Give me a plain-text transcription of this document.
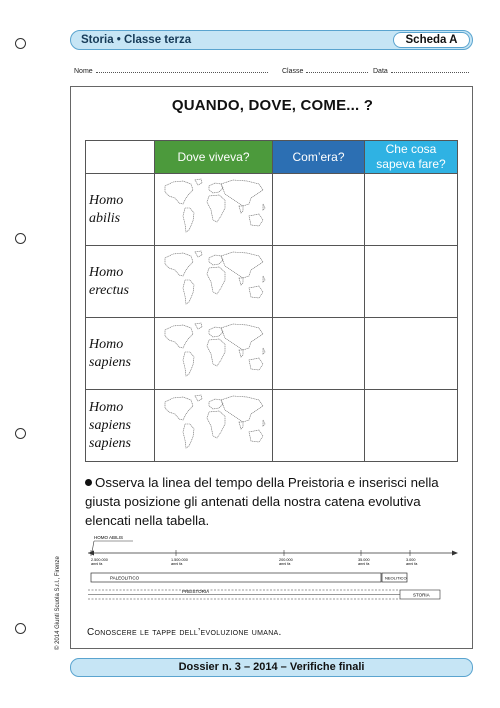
Storia • Classe terza	Scheda A
Nome	Classe	Data
QUANDO, DOVE, COME... ?
	Dove viveva?	Com’era?	Che cosa sapeva fare?

Homo
abilis

Homo
erectus

Homo
sapiens

Homo
sapiens
sapiens

Osserva la linea del tempo della Preistoria e inserisci nella giusta posizione gli antenati della nostra catena evolutiva elencati nella tabella.
HOMO ABILIS
2.500.000
anni fa
1.500.000
anni fa
200.000
anni fa
35.000
anni fa
3.000
anni fa
PALEOLITICO	NEOLITICO
PREISTORIA
STORIA
Conoscere le tappe dell’evoluzione umana.
© 2014 Giunti Scuola S.r.l., Firenze
Dossier n. 3 – 2014 – Verifiche finali
